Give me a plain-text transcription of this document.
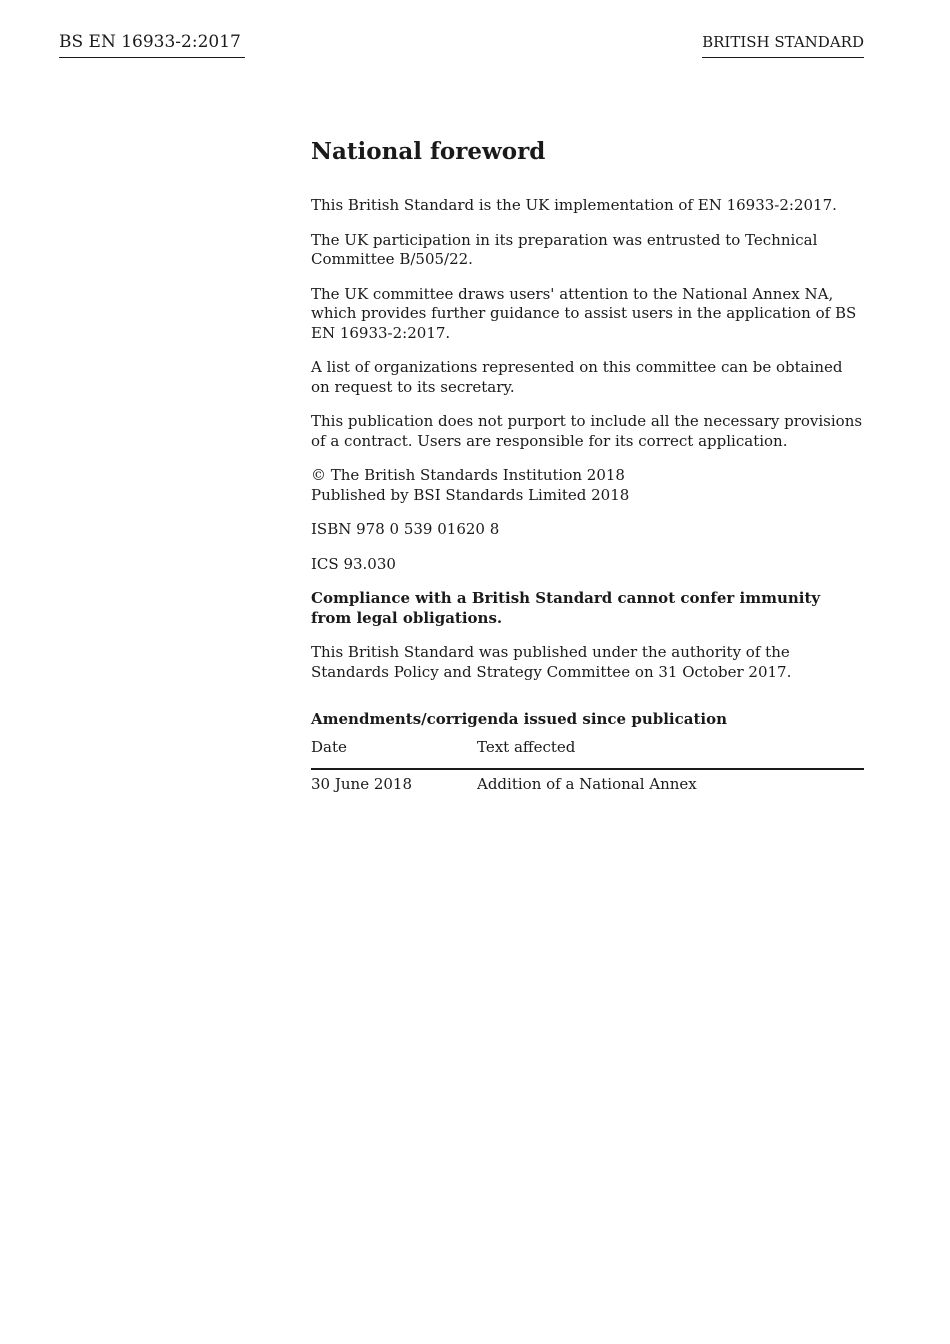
BS EN 16933-2:2017	BRITISH STANDARD
National foreword

This British Standard is the UK implementation of EN 16933-2:2017.

The UK participation in its preparation was entrusted to Technical Committee B/505/22.

The UK committee draws users' attention to the National Annex NA, which provides further guidance to assist users in the application of BS EN 16933-2:2017.

A list of organizations represented on this committee can be obtained on request to its secretary.

This publication does not purport to include all the necessary provisions of a contract. Users are responsible for its correct application.

© The British Standards Institution 2018
Published by BSI Standards Limited 2018

ISBN 978 0 539 01620 8

ICS 93.030

Compliance with a British Standard cannot confer immunity from legal obligations.

This British Standard was published under the authority of the Standards Policy and Strategy Committee on 31 October 2017.

Amendments/corrigenda issued since publication
Date	Text affected
30 June 2018	Addition of a National Annex
